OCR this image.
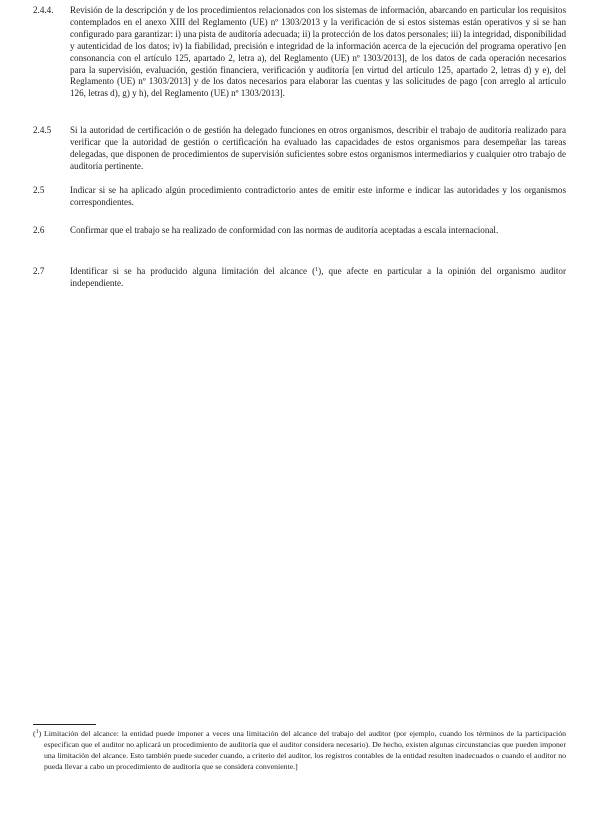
2.4.4. Revisión de la descripción y de los procedimientos relacionados con los sistemas de información, abarcando en particular los requisitos contemplados en el anexo XIII del Reglamento (UE) nº 1303/2013 y la verificación de si estos sistemas están operativos y si se han configurado para garantizar: i) una pista de auditoría adecuada; ii) la protección de los datos personales; iii) la integridad, disponibilidad y autenticidad de los datos; iv) la fiabilidad, precisión e integridad de la información acerca de la ejecución del programa operativo [en consonancia con el artículo 125, apartado 2, letra a), del Reglamento (UE) nº 1303/2013], de los datos de cada operación necesarios para la supervisión, evaluación, gestión financiera, verificación y auditoría [en virtud del artículo 125, apartado 2, letras d) y e), del Reglamento (UE) nº 1303/2013] y de los datos necesarios para elaborar las cuentas y las solicitudes de pago [con arreglo al artículo 126, letras d), g) y h), del Reglamento (UE) nº 1303/2013].
2.4.5 Si la autoridad de certificación o de gestión ha delegado funciones en otros organismos, describir el trabajo de auditoría realizado para verificar que la autoridad de gestión o certificación ha evaluado las capacidades de estos organismos para desempeñar las tareas delegadas, que disponen de procedimientos de supervisión suficientes sobre estos organismos intermediarios y cualquier otro trabajo de auditoría pertinente.
2.5	Indicar si se ha aplicado algún procedimiento contradictorio antes de emitir este informe e indicar las autoridades y los organismos correspondientes.
2.6	Confirmar que el trabajo se ha realizado de conformidad con las normas de auditoría aceptadas a escala internacional.
2.7	Identificar si se ha producido alguna limitación del alcance ($^1$), que afecte en particular a la opinión del organismo auditor independiente.
($^1$) Limitación del alcance: la entidad puede imponer a veces una limitación del alcance del trabajo del auditor (por ejemplo, cuando los términos de la participación especifican que el auditor no aplicará un procedimiento de auditoría que el auditor considera necesario). De hecho, existen algunas circunstancias que pueden imponer una limitación del alcance. Esto también puede suceder cuando, a criterio del auditor, los registros contables de la entidad resulten inadecuados o cuando el auditor no pueda llevar a cabo un procedimiento de auditoría que se considera conveniente.]
